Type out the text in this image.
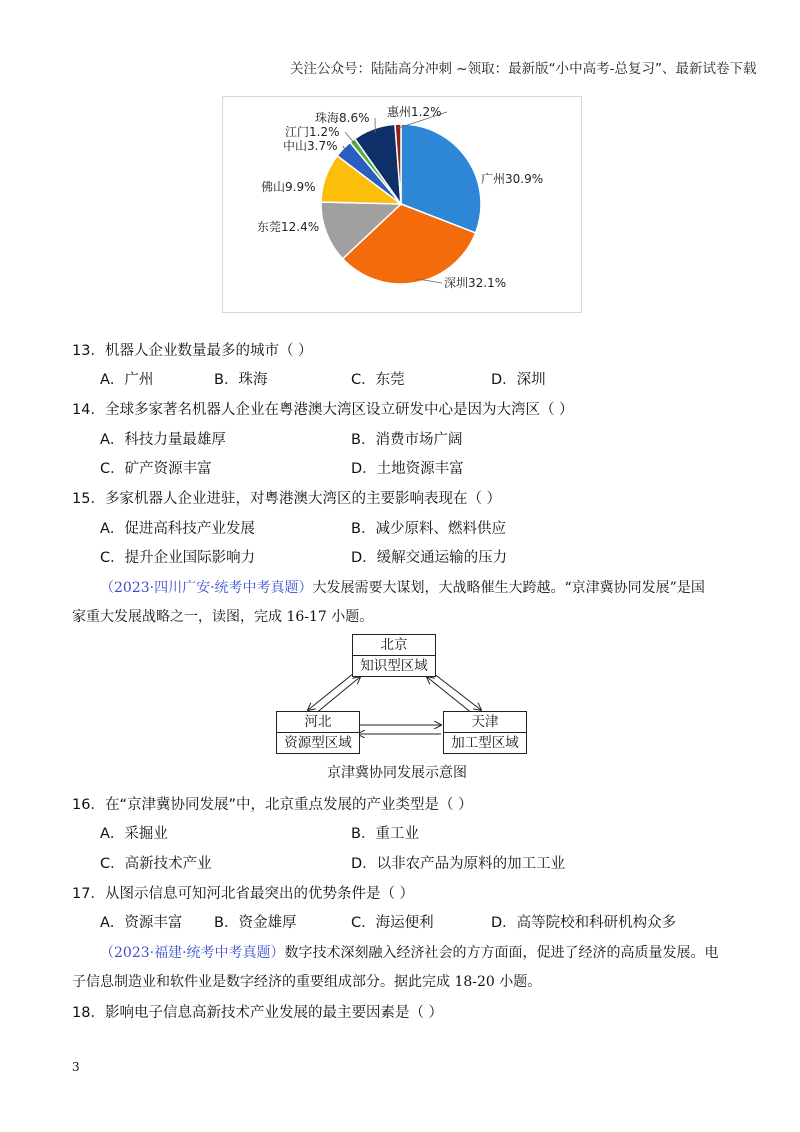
关注公众号：陆陆高分冲刺 ~领取：最新版“小中高考-总复习”、最新试卷下载
广州30.9%
深圳32.1%
东莞12.4%
佛山9.9%
中山3.7%
江门1.2%
珠海8.6% 惠州1.2%
13．机器人企业数量最多的城市（ ）
A．广州	B．珠海	C．东莞	D．深圳
14．全球多家著名机器人企业在粤港澳大湾区设立研发中心是因为大湾区（ ）
A．科技力量最雄厚	B．消费市场广阔
C．矿产资源丰富	D．土地资源丰富
15．多家机器人企业进驻，对粤港澳大湾区的主要影响表现在（ ）
A．促进高科技产业发展	B．减少原料、燃料供应
C．提升企业国际影响力	D．缓解交通运输的压力
（2023·四川广安·统考中考真题）大发展需要大谋划，大战略催生大跨越。“京津冀协同发展”是国
家重大发展战略之一，读图，完成 16-17 小题。
北京
知识型区域
河北
资源型区域
天津
加工型区域
京津冀协同发展示意图
16．在“京津冀协同发展”中，北京重点发展的产业类型是（ ）
A．采掘业	B．重工业
C．高新技术产业	D．以非农产品为原料的加工工业
17．从图示信息可知河北省最突出的优势条件是（ ）
A．资源丰富 B．资金雄厚	C．海运便利	D．高等院校和科研机构众多
（2023·福建·统考中考真题）数字技术深刻融入经济社会的方方面面，促进了经济的高质量发展。电
子信息制造业和软件业是数字经济的重要组成部分。据此完成 18-20 小题。
18．影响电子信息高新技术产业发展的最主要因素是（ ）
3
